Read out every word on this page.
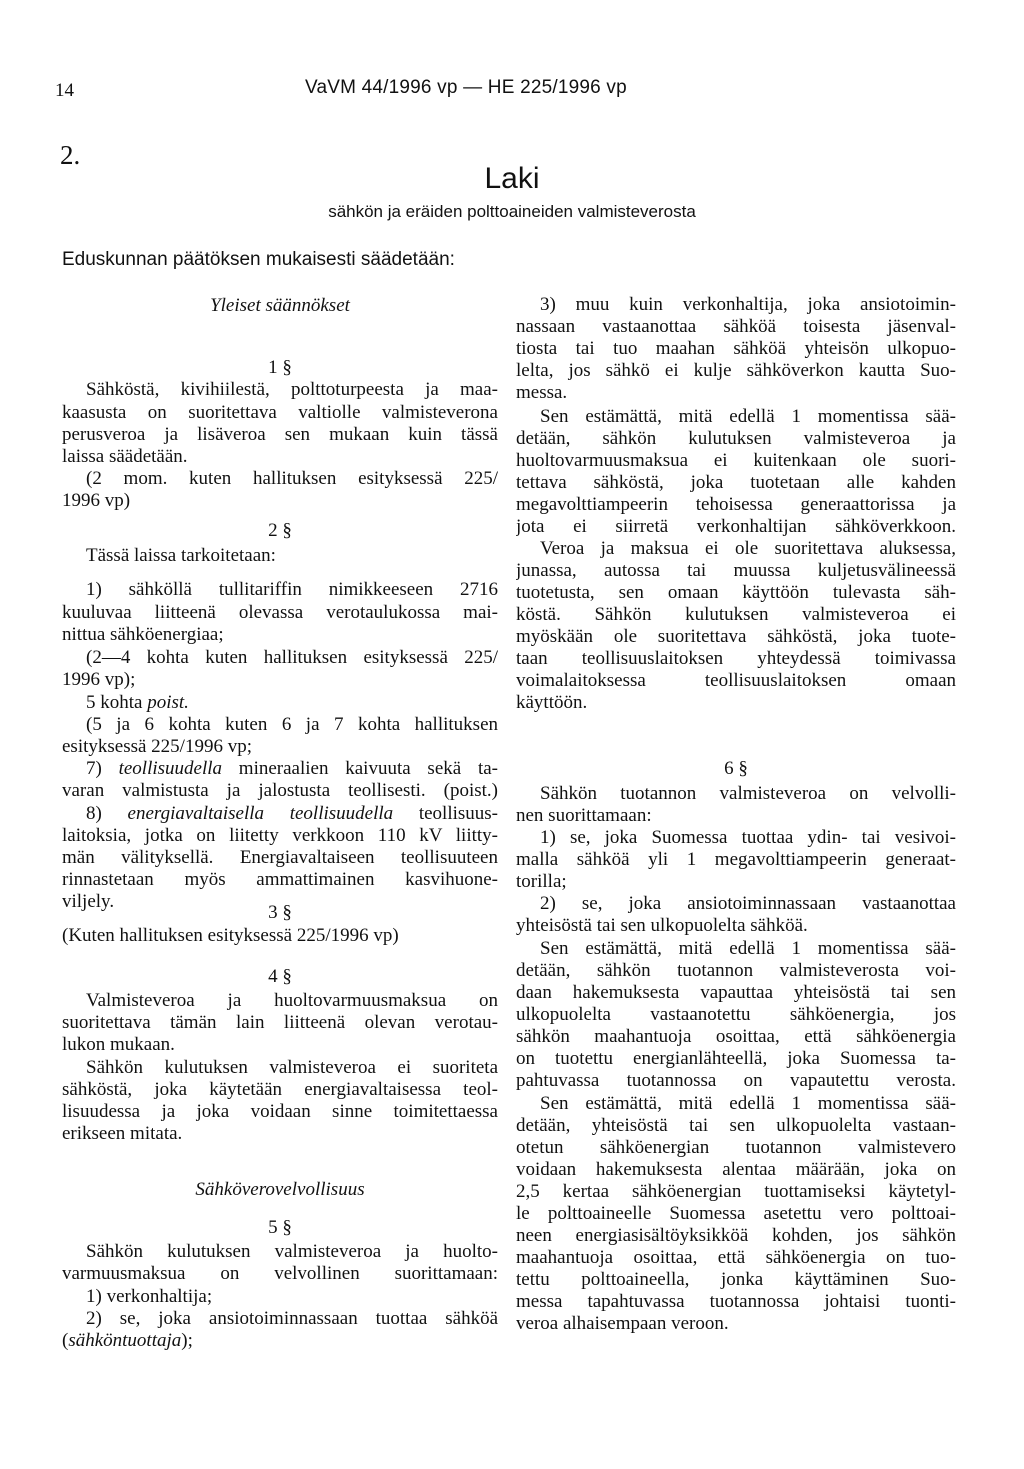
14	VaVM 44/1996 vp — HE 225/1996 vp
2.
Laki
sähkön ja eräiden polttoaineiden valmisteverosta
Eduskunnan päätöksen mukaisesti säädetään:
Yleiset säännökset
1 §
Sähköstä, kivihiilestä, polttoturpeesta ja maa-
kaasusta on suoritettava valtiolle valmisteverona
perusveroa ja lisäveroa sen mukaan kuin tässä
laissa säädetään.
(2 mom. kuten hallituksen esityksessä 225/
1996 vp)
2 §
Tässä laissa tarkoitetaan:
1) sähköllä tullitariffin nimikkeeseen 2716
kuuluvaa liitteenä olevassa verotaulukossa mai-
nittua sähköenergiaa;
(2—4 kohta kuten hallituksen esityksessä 225/
1996 vp);
5 kohta poist.
(5 ja 6 kohta kuten 6 ja 7 kohta hallituksen
esityksessä 225/1996 vp;
7) teollisuudella mineraalien kaivuuta sekä ta-
varan valmistusta ja jalostusta teollisesti. (poist.)
8) energiavaltaisella teollisuudella teollisuus-
laitoksia, jotka on liitetty verkkoon 110 kV liitty-
män välityksellä. Energiavaltaiseen teollisuuteen
rinnastetaan myös ammattimainen kasvihuone-
viljely.
3 §
(Kuten hallituksen esityksessä 225/1996 vp)
4 §
Valmisteveroa ja huoltovarmuusmaksua on
suoritettava tämän lain liitteenä olevan verotau-
lukon mukaan.
Sähkön kulutuksen valmisteveroa ei suoriteta
sähköstä, joka käytetään energiavaltaisessa teol-
lisuudessa ja joka voidaan sinne toimitettaessa
erikseen mitata.
Sähköverovelvollisuus
5 §
Sähkön kulutuksen valmisteveroa ja huolto-
varmuusmaksua on velvollinen suorittamaan:
1) verkonhaltija;
2) se, joka ansiotoiminnassaan tuottaa sähköä
(sähköntuottaja);
3) muu kuin verkonhaltija, joka ansiotoimin-
nassaan vastaanottaa sähköä toisesta jäsenval-
tiosta tai tuo maahan sähköä yhteisön ulkopuo-
lelta, jos sähkö ei kulje sähköverkon kautta Suo-
messa.
Sen estämättä, mitä edellä 1 momentissa sää-
detään, sähkön kulutuksen valmisteveroa ja
huoltovarmuusmaksua ei kuitenkaan ole suori-
tettava sähköstä, joka tuotetaan alle kahden
megavolttiampeerin tehoisessa generaattorissa ja
jota ei siirretä verkonhaltijan sähköverkkoon.
Veroa ja maksua ei ole suoritettava aluksessa,
junassa, autossa tai muussa kuljetusvälineessä
tuotetusta, sen omaan käyttöön tulevasta säh-
köstä. Sähkön kulutuksen valmisteveroa ei
myöskään ole suoritettava sähköstä, joka tuote-
taan teollisuuslaitoksen yhteydessä toimivassa
voimalaitoksessa teollisuuslaitoksen omaan
käyttöön.
6 §
Sähkön tuotannon valmisteveroa on velvolli-
nen suorittamaan:
1) se, joka Suomessa tuottaa ydin- tai vesivoi-
malla sähköä yli 1 megavolttiampeerin generaat-
torilla;
2) se, joka ansiotoiminnassaan vastaanottaa
yhteisöstä tai sen ulkopuolelta sähköä.
Sen estämättä, mitä edellä 1 momentissa sää-
detään, sähkön tuotannon valmisteverosta voi-
daan hakemuksesta vapauttaa yhteisöstä tai sen
ulkopuolelta vastaanotettu sähköenergia, jos
sähkön maahantuoja osoittaa, että sähköenergia
on tuotettu energianlähteellä, joka Suomessa ta-
pahtuvassa tuotannossa on vapautettu verosta.
Sen estämättä, mitä edellä 1 momentissa sää-
detään, yhteisöstä tai sen ulkopuolelta vastaan-
otetun sähköenergian tuotannon valmistevero
voidaan hakemuksesta alentaa määrään, joka on
2,5 kertaa sähköenergian tuottamiseksi käytetyl-
le polttoaineelle Suomessa asetettu vero polttoai-
neen energiasisältöyksikköä kohden, jos sähkön
maahantuoja osoittaa, että sähköenergia on tuo-
tettu polttoaineella, jonka käyttäminen Suo-
messa tapahtuvassa tuotannossa johtaisi tuonti-
veroa alhaisempaan veroon.
